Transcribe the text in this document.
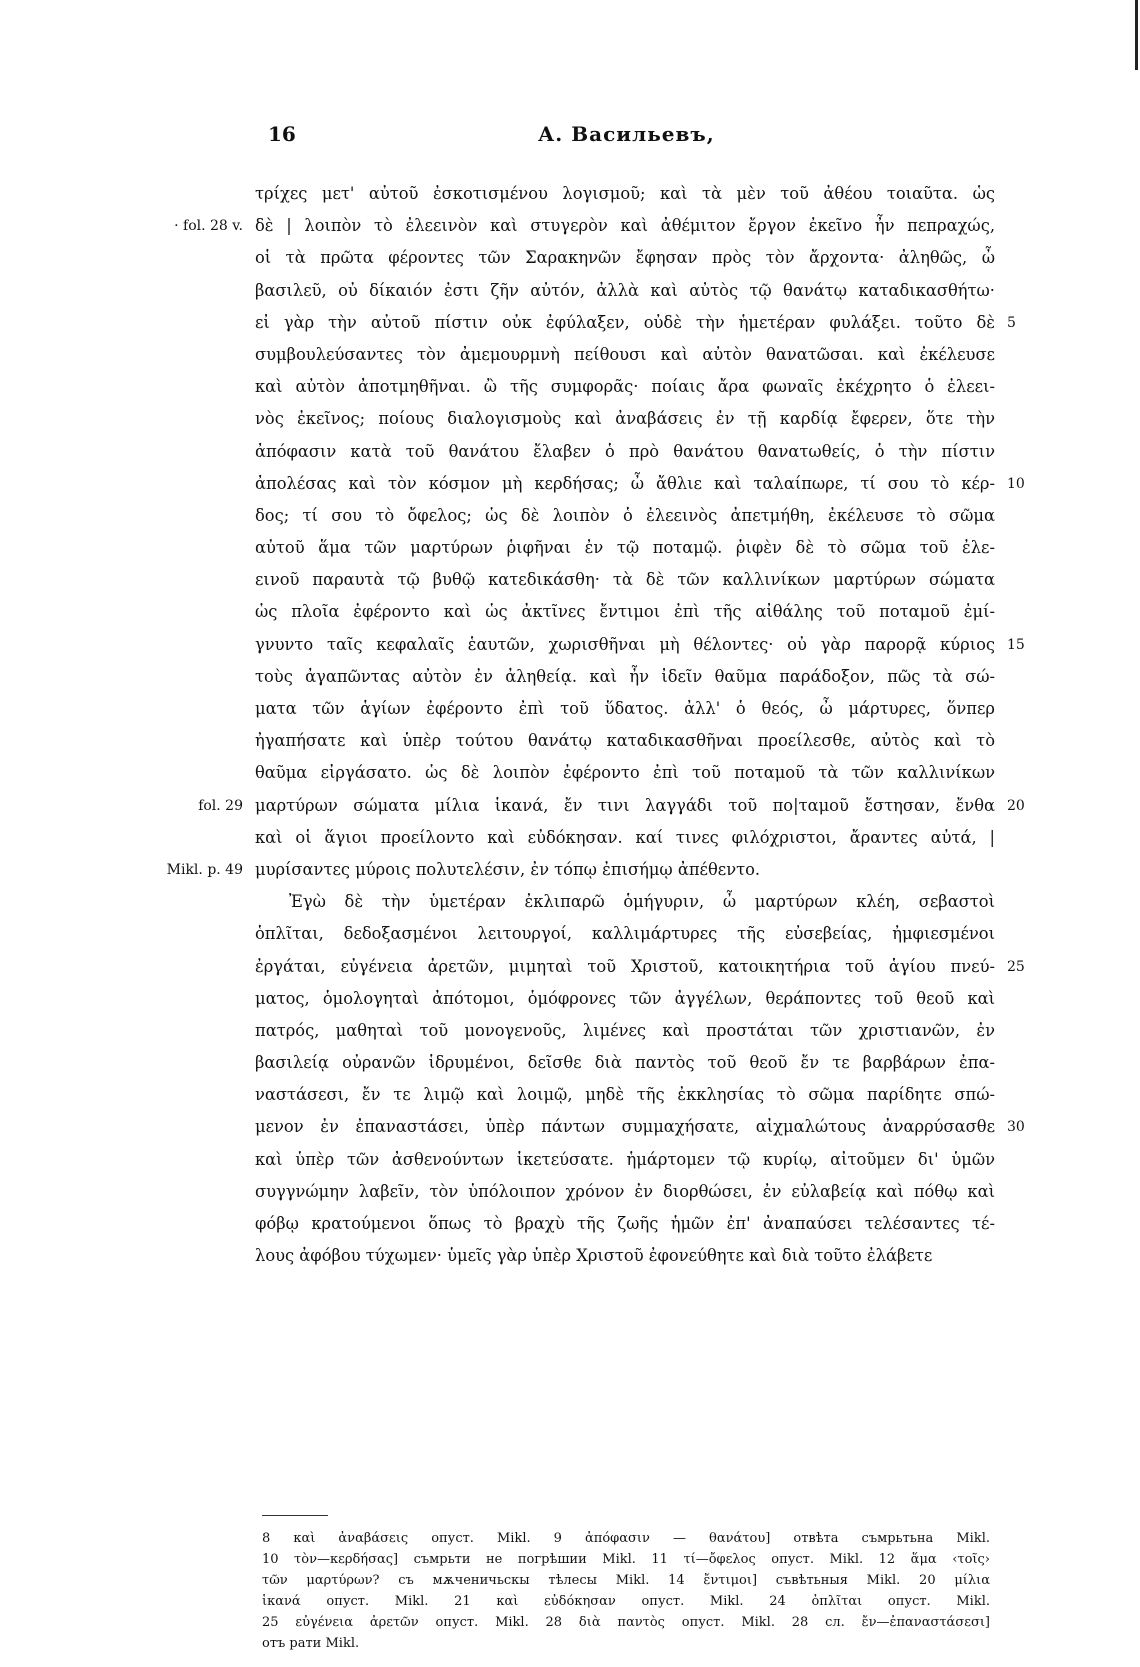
16	А. Васильевъ,
τρίχες μετ' αὐτοῦ ἐσκοτισμένου λογισμοῦ; καὶ τὰ μὲν τοῦ ἀθέου τοιαῦτα. ὡς
δὲ | λοιπὸν τὸ ἐλεεινὸν καὶ στυγερὸν καὶ ἀθέμιτον ἔργον ἐκεῖνο ἦν πεπραχώς,
· fol. 28 v.
οἱ τὰ πρῶτα φέροντες τῶν Σαρακηνῶν ἔφησαν πρὸς τὸν ἄρχοντα· ἀληθῶς, ὦ
βασιλεῦ, οὐ δίκαιόν ἐστι ζῆν αὐτόν, ἀλλὰ καὶ αὐτὸς τῷ θανάτῳ καταδικασθήτω·
εἰ γὰρ τὴν αὐτοῦ πίστιν οὐκ ἐφύλαξεν, οὐδὲ τὴν ἡμετέραν φυλάξει. τοῦτο δὲ 5
συμβουλεύσαντες τὸν ἀμεμουρμνὴ πείθουσι καὶ αὐτὸν θανατῶσαι. καὶ ἐκέλευσε
καὶ αὐτὸν ἀποτμηθῆναι. ὢ τῆς συμφορᾶς· ποίαις ἄρα φωναῖς ἐκέχρητο ὁ ἐλεει-
νὸς ἐκεῖνος; ποίους διαλογισμοὺς καὶ ἀναβάσεις ἐν τῇ καρδίᾳ ἔφερεν, ὅτε τὴν
ἀπόφασιν κατὰ τοῦ θανάτου ἔλαβεν ὁ πρὸ θανάτου θανατωθείς, ὁ τὴν πίστιν
ἀπολέσας καὶ τὸν κόσμον μὴ κερδήσας; ὦ ἄθλιε καὶ ταλαίπωρε, τί σου τὸ κέρ- 10
δος; τί σου τὸ ὄφελος; ὡς δὲ λοιπὸν ὁ ἐλεεινὸς ἀπετμήθη, ἐκέλευσε τὸ σῶμα
αὐτοῦ ἅμα τῶν μαρτύρων ῥιφῆναι ἐν τῷ ποταμῷ. ῥιφὲν δὲ τὸ σῶμα τοῦ ἐλε-
εινοῦ παραυτὰ τῷ βυθῷ κατεδικάσθη· τὰ δὲ τῶν καλλινίκων μαρτύρων σώματα
ὡς πλοῖα ἐφέροντο καὶ ὡς ἀκτῖνες ἔντιμοι ἐπὶ τῆς αἰθάλης τοῦ ποταμοῦ ἐμί-
γνυντο ταῖς κεφαλαῖς ἑαυτῶν, χωρισθῆναι μὴ θέλοντες· οὐ γὰρ παρορᾷ κύριος 15
τοὺς ἀγαπῶντας αὐτὸν ἐν ἀληθείᾳ. καὶ ἦν ἰδεῖν θαῦμα παράδοξον, πῶς τὰ σώ-
ματα τῶν ἁγίων ἐφέροντο ἐπὶ τοῦ ὕδατος. ἀλλ' ὁ θεός, ὦ μάρτυρες, ὅνπερ
ἠγαπήσατε καὶ ὑπὲρ τούτου θανάτῳ καταδικασθῆναι προείλεσθε, αὐτὸς καὶ τὸ
θαῦμα εἰργάσατο. ὡς δὲ λοιπὸν ἐφέροντο ἐπὶ τοῦ ποταμοῦ τὰ τῶν καλλινίκων
μαρτύρων σώματα μίλια ἱκανά, ἔν τινι λαγγάδι τοῦ πο|ταμοῦ ἔστησαν, ἔνθα
fol. 29	20
καὶ οἱ ἅγιοι προείλοντο καὶ εὐδόκησαν. καί τινες φιλόχριστοι, ἄραντες αὐτά, |
μυρίσαντες μύροις πολυτελέσιν, ἐν τόπῳ ἐπισήμῳ ἀπέθεντο.
Mikl. p. 49
Ἐγὼ δὲ τὴν ὑμετέραν ἐκλιπαρῶ ὁμήγυριν, ὦ μαρτύρων κλέη, σεβαστοὶ
ὁπλῖται, δεδοξασμένοι λειτουργοί, καλλιμάρτυρες τῆς εὐσεβείας, ἠμφιεσμένοι
ἐργάται, εὐγένεια ἀρετῶν, μιμηταὶ τοῦ Χριστοῦ, κατοικητήρια τοῦ ἁγίου πνεύ- 25
ματος, ὁμολογηταὶ ἀπότομοι, ὁμόφρονες τῶν ἀγγέλων, θεράποντες τοῦ θεοῦ καὶ
πατρός, μαθηταὶ τοῦ μονογενοῦς, λιμένες καὶ προστάται τῶν χριστιανῶν, ἐν
βασιλείᾳ οὐρανῶν ἱδρυμένοι, δεῖσθε διὰ παντὸς τοῦ θεοῦ ἔν τε βαρβάρων ἐπα-
ναστάσεσι, ἔν τε λιμῷ καὶ λοιμῷ, μηδὲ τῆς ἐκκλησίας τὸ σῶμα παρίδητε σπώ-
μενον ἐν ἐπαναστάσει, ὑπὲρ πάντων συμμαχήσατε, αἰχμαλώτους ἀναρρύσασθε 30
καὶ ὑπὲρ τῶν ἀσθενούντων ἱκετεύσατε. ἡμάρτομεν τῷ κυρίῳ, αἰτοῦμεν δι' ὑμῶν
συγγνώμην λαβεῖν, τὸν ὑπόλοιπον χρόνον ἐν διορθώσει, ἐν εὐλαβείᾳ καὶ πόθῳ καὶ
φόβῳ κρατούμενοι ὅπως τὸ βραχὺ τῆς ζωῆς ἡμῶν ἐπ' ἀναπαύσει τελέσαντες τέ-
λους ἀφόβου τύχωμεν· ὑμεῖς γὰρ ὑπὲρ Χριστοῦ ἐφονεύθητε καὶ διὰ τοῦτο ἐλάβετε
8 καὶ ἀναβάσεις опуст. Mikl. 9 ἀπόφασιν — θανάτου] отвѣта съмрьтьна Mikl.
10 τὸν—κερδήσας] съмрьти не погрѣшии Mikl. 11 τί—ὄφελος опуст. Mikl. 12 ἅμα ‹τοῖς›
τῶν μαρτύρων? съ мѫченичьскы тѣлесы Mikl. 14 ἔντιμοι] съвѣтьныя Mikl. 20 μίλια
ἱκανά опуст. Mikl. 21 καὶ εὐδόκησαν опуст. Mikl. 24 ὁπλῖται опуст. Mikl.
25 εὐγένεια ἀρετῶν опуст. Mikl. 28 διὰ παντὸς опуст. Mikl. 28 сл. ἔν—ἐπαναστάσεσι]
отъ рати Mikl.
